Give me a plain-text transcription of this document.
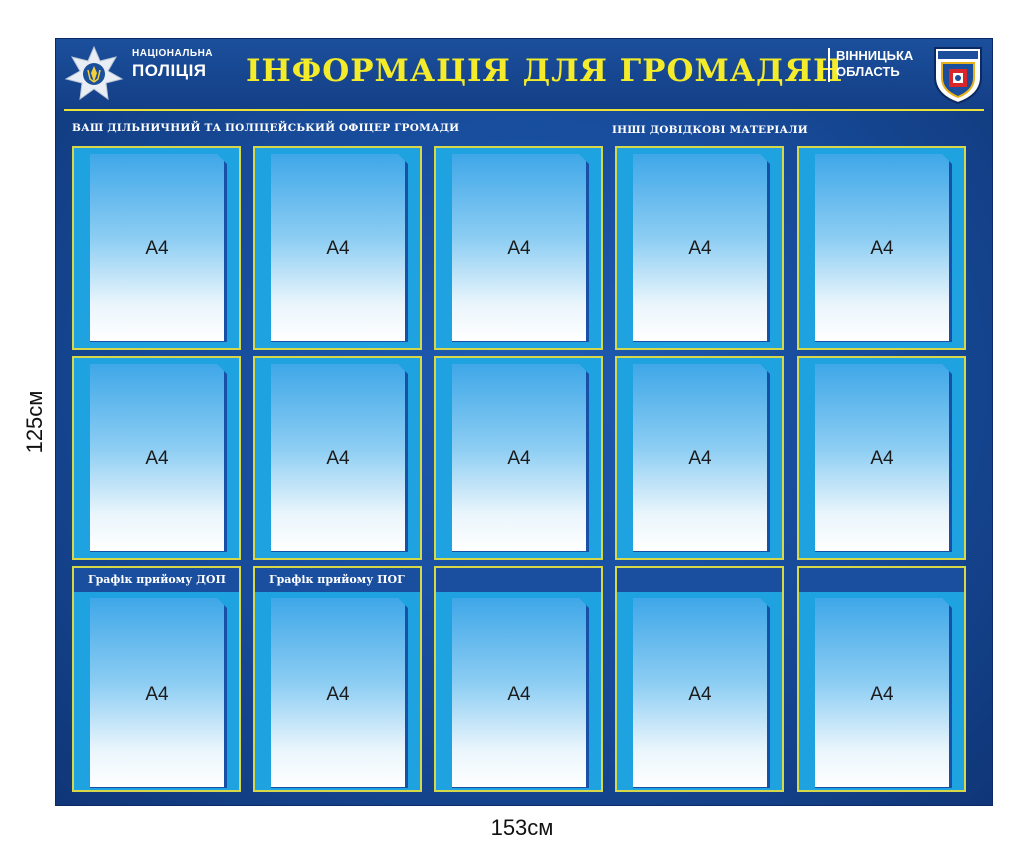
153см
125см
НАЦІОНАЛЬНА
ПОЛІЦІЯ ІНФОРМАЦІЯ ДЛЯ ГРОМАДЯН
ВІННИЦЬКА
ОБЛАСТЬ
ВАШ ДІЛЬНИЧНИЙ ТА ПОЛІЦЕЙСЬКИЙ ОФІЦЕР ГРОМАДИ	ІНШІ ДОВІДКОВІ МАТЕРІАЛИ
А4	А4	А4	А4	А4
А4	А4	А4	А4	А4
Графік прийому ДОП
А4
Графік прийому ПОГ
А4	А4	А4	А4
